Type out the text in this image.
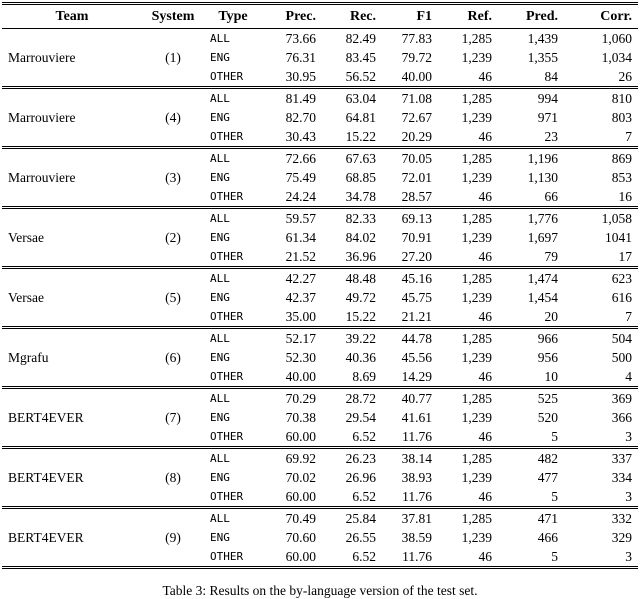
Team	System	Type	Prec.	Rec.	F1	Ref.	Pred.	Corr.
Marrouviere	(1)	ALL	73.66	82.49	77.83	1,285	1,439	1,060
		ENG	76.31	83.45	79.72	1,239	1,355	1,034
		OTHER	30.95	56.52	40.00	46	84	26
Marrouviere	(4)	ALL	81.49	63.04	71.08	1,285	994	810
		ENG	82.70	64.81	72.67	1,239	971	803
		OTHER	30.43	15.22	20.29	46	23	7
Marrouviere	(3)	ALL	72.66	67.63	70.05	1,285	1,196	869
		ENG	75.49	68.85	72.01	1,239	1,130	853
		OTHER	24.24	34.78	28.57	46	66	16
Versae	(2)	ALL	59.57	82.33	69.13	1,285	1,776	1,058
		ENG	61.34	84.02	70.91	1,239	1,697	1041
		OTHER	21.52	36.96	27.20	46	79	17
Versae	(5)	ALL	42.27	48.48	45.16	1,285	1,474	623
		ENG	42.37	49.72	45.75	1,239	1,454	616
		OTHER	35.00	15.22	21.21	46	20	7
Mgrafu	(6)	ALL	52.17	39.22	44.78	1,285	966	504
		ENG	52.30	40.36	45.56	1,239	956	500
		OTHER	40.00	8.69	14.29	46	10	4
BERT4EVER	(7)	ALL	70.29	28.72	40.77	1,285	525	369
		ENG	70.38	29.54	41.61	1,239	520	366
		OTHER	60.00	6.52	11.76	46	5	3
BERT4EVER	(8)	ALL	69.92	26.23	38.14	1,285	482	337
		ENG	70.02	26.96	38.93	1,239	477	334
		OTHER	60.00	6.52	11.76	46	5	3
BERT4EVER	(9)	ALL	70.49	25.84	37.81	1,285	471	332
		ENG	70.60	26.55	38.59	1,239	466	329
		OTHER	60.00	6.52	11.76	46	5	3
Table 3: Results on the by-language version of the test set.
